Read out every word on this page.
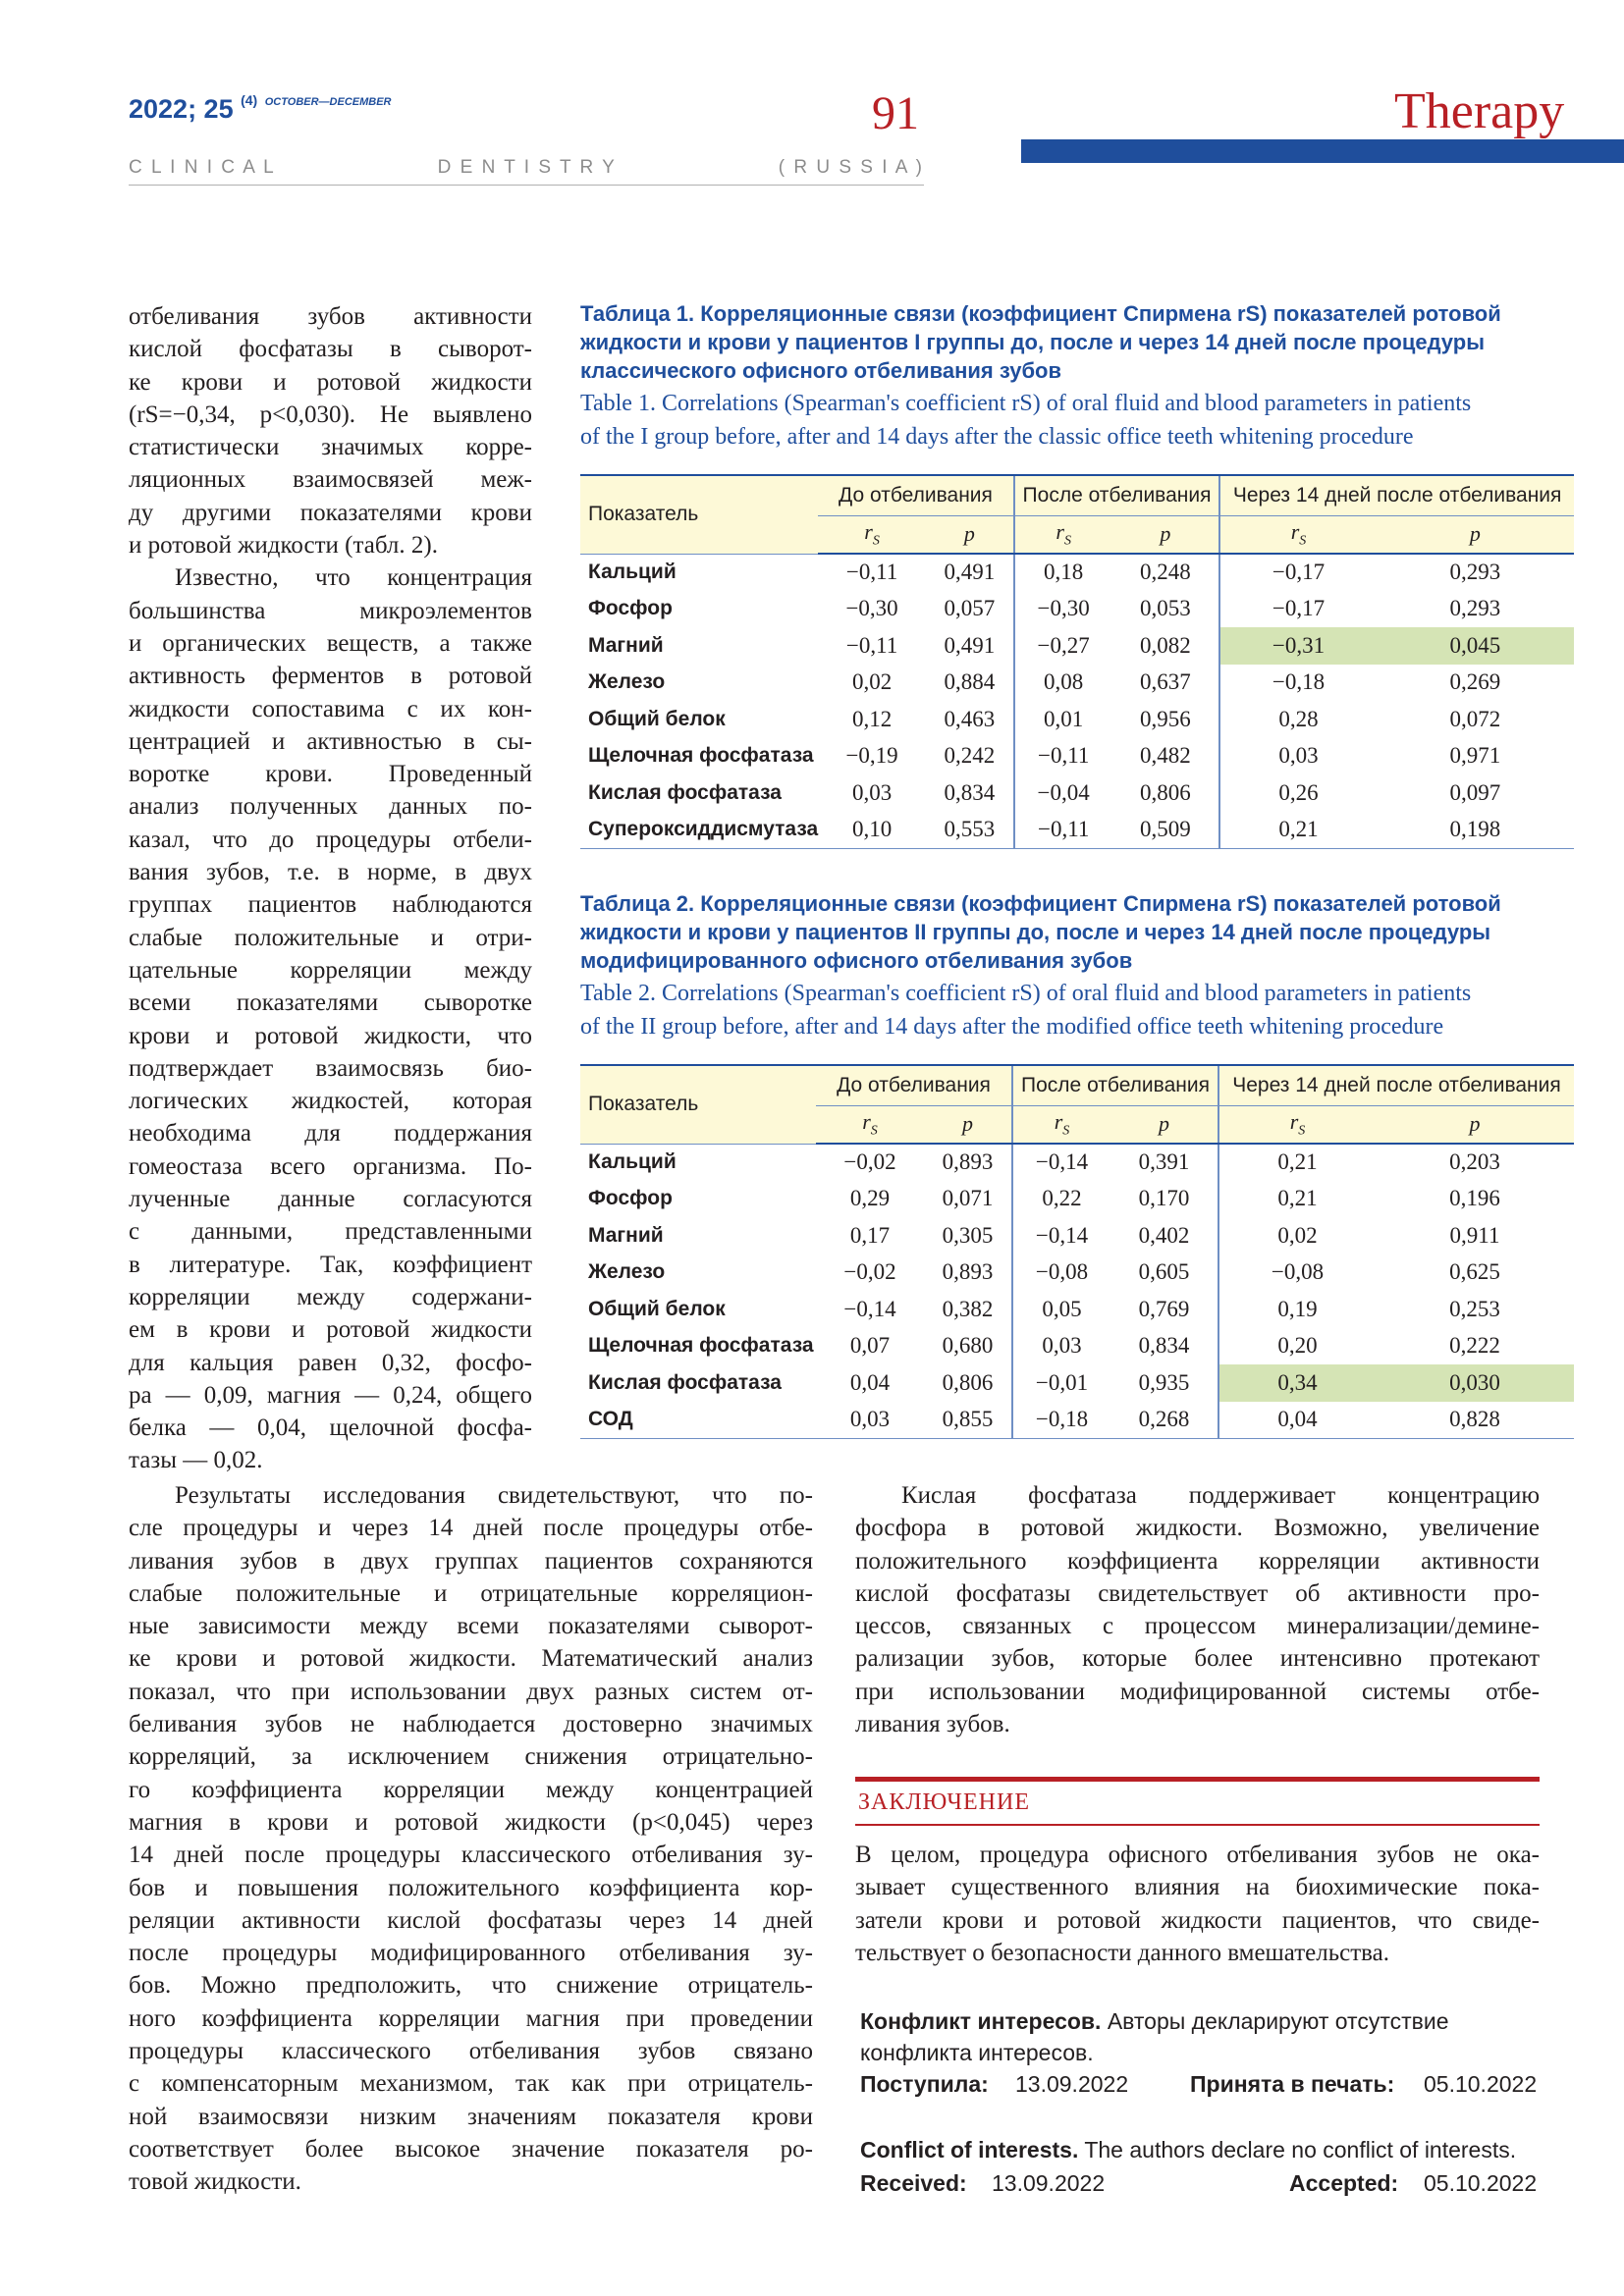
2022; 25 $^{(4)}$ $^{OCTOBER—DECEMBER}$	91	Therapy
C L I N I C A L	D E N T I S T R Y	( R U S S I A )
отбеливания зубов активности
кислой фосфатазы в сыворот-
ке крови и ротовой жидкости
(rS=−0,34, p<0,030). Не выявлено
статистически значимых корре-
ляционных взаимосвязей меж-
ду другими показателями крови
и ротовой жидкости (табл. 2).
Известно, что концентрация
большинства микроэлементов
и органических веществ, а также
активность ферментов в ротовой
жидкости сопоставима с их кон-
центрацией и активностью в сы-
воротке крови. Проведенный
анализ полученных данных по-
казал, что до процедуры отбели-
вания зубов, т.е. в норме, в двух
группах пациентов наблюдаются
слабые положительные и отри-
цательные корреляции между
всеми показателями сыворотке
крови и ротовой жидкости, что
подтверждает взаимосвязь био-
логических жидкостей, которая
необходима для поддержания
гомеостаза всего организма. По-
лученные данные согласуются
с данными, представленными
в литературе. Так, коэффициент
корреляции между содержани-
ем в крови и ротовой жидкости
для кальция равен 0,32, фосфо-
ра — 0,09, магния — 0,24, общего
белка — 0,04, щелочной фосфа-
тазы — 0,02.
Таблица 1. Корреляционные связи (коэффициент Спирмена rS) показателей ротовой
жидкости и крови у пациентов I группы до, после и через 14 дней после процедуры
классического офисного отбеливания зубов
Table 1. Correlations (Spearman's coefficient rS) of oral fluid and blood parameters in patients
of the I group before, after and 14 days after the classic office teeth whitening procedure
Показатель	До отбеливания		После отбеливания		Через 14 дней после отбеливания	
	$r_S$	p	$r_S$	p	$r_S$	p
Кальций	−0,11	0,491	0,18	0,248	−0,17	0,293
Фосфор	−0,30	0,057	−0,30	0,053	−0,17	0,293
Магний	−0,11	0,491	−0,27	0,082	−0,31	0,045
Железо	0,02	0,884	0,08	0,637	−0,18	0,269
Общий белок	0,12	0,463	0,01	0,956	0,28	0,072
Щелочная фосфатаза	−0,19	0,242	−0,11	0,482	0,03	0,971
Кислая фосфатаза	0,03	0,834	−0,04	0,806	0,26	0,097
Супероксиддисмутаза	0,10	0,553	−0,11	0,509	0,21	0,198
Таблица 2. Корреляционные связи (коэффициент Спирмена rS) показателей ротовой
жидкости и крови у пациентов II группы до, после и через 14 дней после процедуры
модифицированного офисного отбеливания зубов
Table 2. Correlations (Spearman's coefficient rS) of oral fluid and blood parameters in patients
of the II group before, after and 14 days after the modified office teeth whitening procedure
Показатель	До отбеливания		После отбеливания		Через 14 дней после отбеливания	
	$r_S$	p	$r_S$	p	$r_S$	p
Кальций	−0,02	0,893	−0,14	0,391	0,21	0,203
Фосфор	0,29	0,071	0,22	0,170	0,21	0,196
Магний	0,17	0,305	−0,14	0,402	0,02	0,911
Железо	−0,02	0,893	−0,08	0,605	−0,08	0,625
Общий белок	−0,14	0,382	0,05	0,769	0,19	0,253
Щелочная фосфатаза	0,07	0,680	0,03	0,834	0,20	0,222
Кислая фосфатаза	0,04	0,806	−0,01	0,935	0,34	0,030
СОД	0,03	0,855	−0,18	0,268	0,04	0,828
Результаты исследования свидетельствуют, что по-
сле процедуры и через 14 дней после процедуры отбе-
ливания зубов в двух группах пациентов сохраняются
слабые положительные и отрицательные корреляцион-
ные зависимости между всеми показателями сыворот-
ке крови и ротовой жидкости. Математический анализ
показал, что при использовании двух разных систем от-
беливания зубов не наблюдается достоверно значимых
корреляций, за исключением снижения отрицательно-
го коэффициента корреляции между концентрацией
магния в крови и ротовой жидкости (p<0,045) через
14 дней после процедуры классического отбеливания зу-
бов и повышения положительного коэффициента кор-
реляции активности кислой фосфатазы через 14 дней
после процедуры модифицированного отбеливания зу-
бов. Можно предположить, что снижение отрицатель-
ного коэффициента корреляции магния при проведении
процедуры классического отбеливания зубов связано
с компенсаторным механизмом, так как при отрицатель-
ной взаимосвязи низким значениям показателя крови
соответствует более высокое значение показателя ро-
товой жидкости.
Кислая фосфатаза поддерживает концентрацию
фосфора в ротовой жидкости. Возможно, увеличение
положительного коэффициента корреляции активности
кислой фосфатазы свидетельствует об активности про-
цессов, связанных с процессом минерализации/демине-
рализации зубов, которые более интенсивно протекают
при использовании модифицированной системы отбе-
ливания зубов.
ЗАКЛЮЧЕНИЕ
В целом, процедура офисного отбеливания зубов не ока-
зывает существенного влияния на биохимические пока-
затели крови и ротовой жидкости пациентов, что свиде-
тельствует о безопасности данного вмешательства.
Конфликт интересов. Авторы декларируют отсутствие
конфликта интересов.
Поступила: 13.09.2022	Принята в печать: 05.10.2022
Conflict of interests. The authors declare no conflict of interests.
Received: 13.09.2022	Accepted: 05.10.2022
